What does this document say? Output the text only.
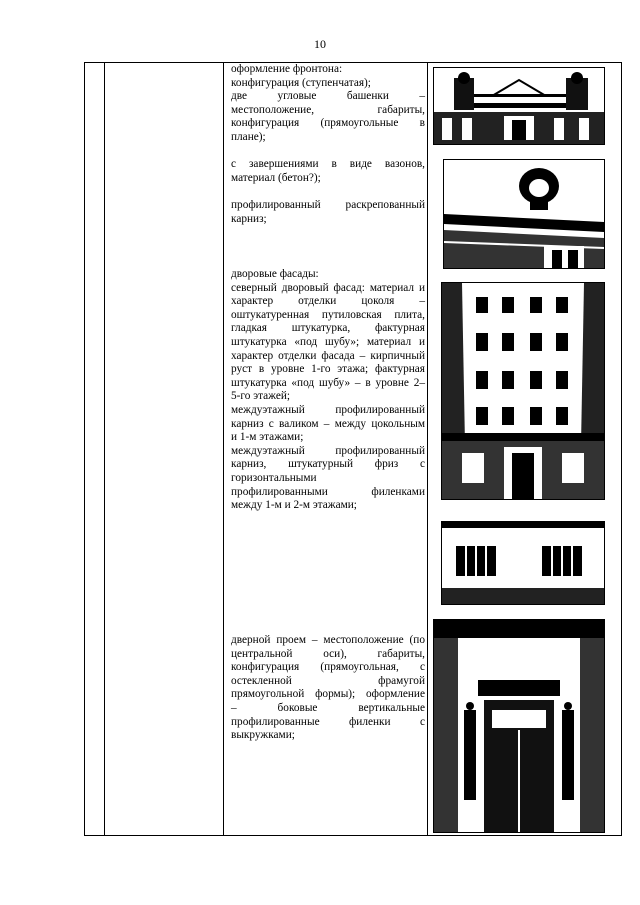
10

оформление фронтона:

конфигурация (ступенчатая);

две угловые башенки –

местоположение, габариты,

конфигурация (прямоугольные в

плане);

с завершениями в виде вазонов,

материал (бетон?);

профилированный раскрепованный

карниз;

дворовые фасады:

северный дворовый фасад: материал и

характер отделки цоколя –

оштукатуренная путиловская плита,

гладкая штукатурка, фактурная

штукатурка «под шубу»; материал и

характер отделки фасада – кирпичный

руст в уровне 1-го этажа; фактурная

штукатурка «под шубу» – в уровне 2–

5-го этажей;

междуэтажный профилированный

карниз с валиком – между цокольным

и 1-м этажами;

междуэтажный профилированный

карниз, штукатурный фриз с

горизонтальными

профилированными филенками

между 1-м и 2-м этажами;

дверной проем – местоположение (по

центральной оси), габариты,

конфигурация (прямоугольная, с

остекленной фрамугой

прямоугольной формы); оформление

– боковые вертикальные

профилированные филенки с

выкружками;
